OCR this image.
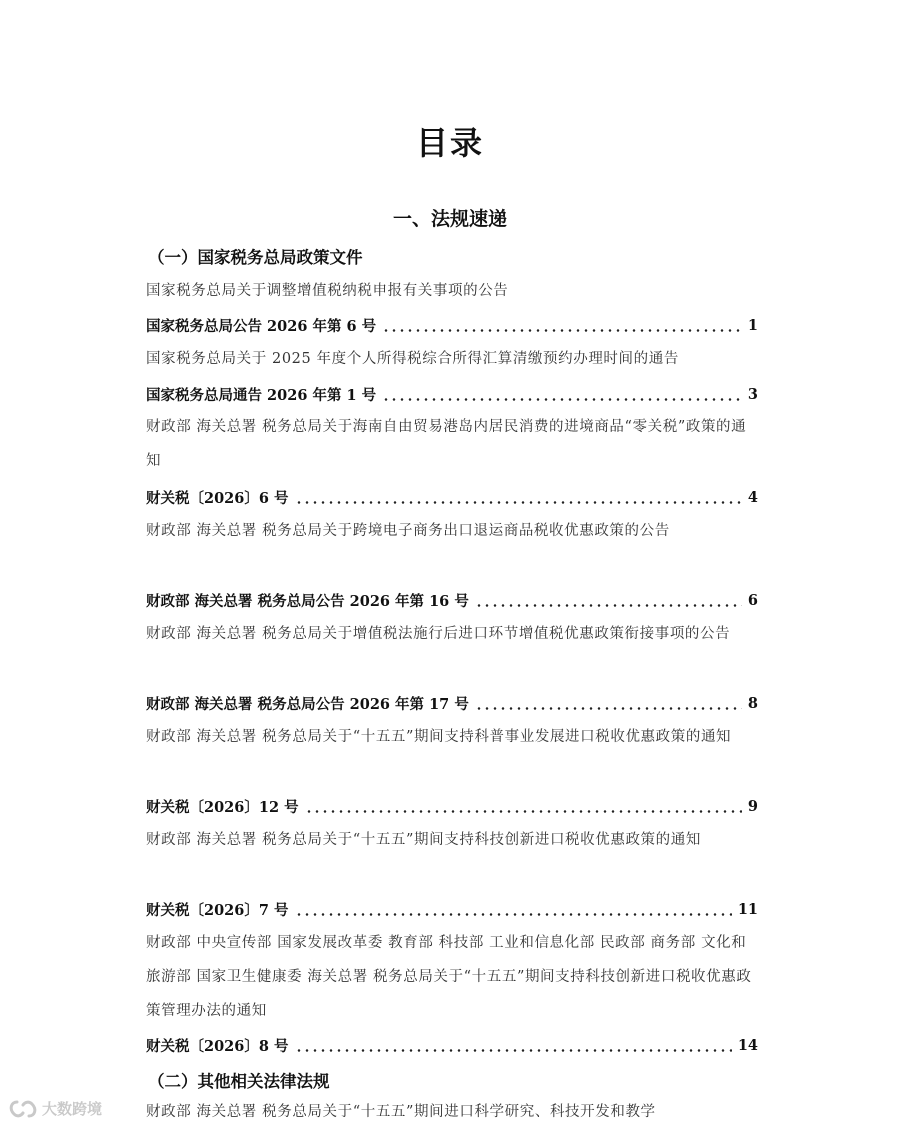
目录
一、法规速递
（一）国家税务总局政策文件
国家税务总局关于调整增值税纳税申报有关事项的公告
国家税务总局公告 2026 年第 6 号	1
国家税务总局关于 2025 年度个人所得税综合所得汇算清缴预约办理时间的通告
国家税务总局通告 2026 年第 1 号	3
财政部 海关总署 税务总局关于海南自由贸易港岛内居民消费的进境商品“零关税”政策的通知
财关税〔2026〕6 号	4
财政部 海关总署 税务总局关于跨境电子商务出口退运商品税收优惠政策的公告
财政部 海关总署 税务总局公告 2026 年第 16 号	6
财政部 海关总署 税务总局关于增值税法施行后进口环节增值税优惠政策衔接事项的公告
财政部 海关总署 税务总局公告 2026 年第 17 号	8
财政部 海关总署 税务总局关于“十五五”期间支持科普事业发展进口税收优惠政策的通知
财关税〔2026〕12 号	9
财政部 海关总署 税务总局关于“十五五”期间支持科技创新进口税收优惠政策的通知
财关税〔2026〕7 号	11
财政部 中央宣传部 国家发展改革委 教育部 科技部 工业和信息化部 民政部 商务部 文化和旅游部 国家卫生健康委 海关总署 税务总局关于“十五五”期间支持科技创新进口税收优惠政策管理办法的通知
财关税〔2026〕8 号	14
（二）其他相关法律法规
财政部 海关总署 税务总局关于“十五五”期间进口科学研究、科技开发和教学
大数跨境
